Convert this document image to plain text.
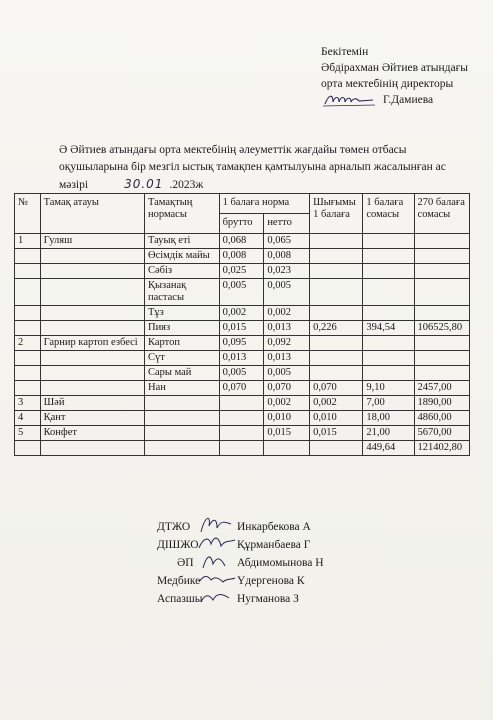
Бекітемін
Әбдірахман Әйтиев атындағы
орта мектебінің директоры
Г.Дамиева
Ә Әйтиев атындағы орта мектебінің әлеуметтік жағдайы төмен отбасы
оқушыларына бір мезгіл ыстық тамақпен қамтылуына арналып жасалынған ас
мәзірі	30.01 .2023ж
№	Тамақ атауы	Тамақтың нормасы	1 балаға норма		Шығымы 1 балаға	1 балаға сомасы	270 балаға сомасы
			брутто	нетто			
1	Гуляш	Тауық еті	0,068	0,065			
		Өсімдік майы	0,008	0,008			
		Сәбіз	0,025	0,023			
		Қызанақ пастасы	0,005	0,005			
		Тұз	0,002	0,002			
		Пияз	0,015	0,013	0,226	394,54	106525,80
2	Гарнир картоп езбесі	Картоп	0,095	0,092			
		Сүт	0,013	0,013			
		Сары май	0,005	0,005			
		Нан	0,070	0,070	0,070	9,10	2457,00
3	Шәй			0,002	0,002	7,00	1890,00
4	Қант			0,010	0,010	18,00	4860,00
5	Конфет			0,015	0,015	21,00	5670,00
						449,64	121402,80
ДТЖО	Инкарбекова А
ДІШЖО	Құрманбаева Г
ӘП	Абдимомынова Н
Медбике	Үдергенова К
Аспазшы	Нугманова З
